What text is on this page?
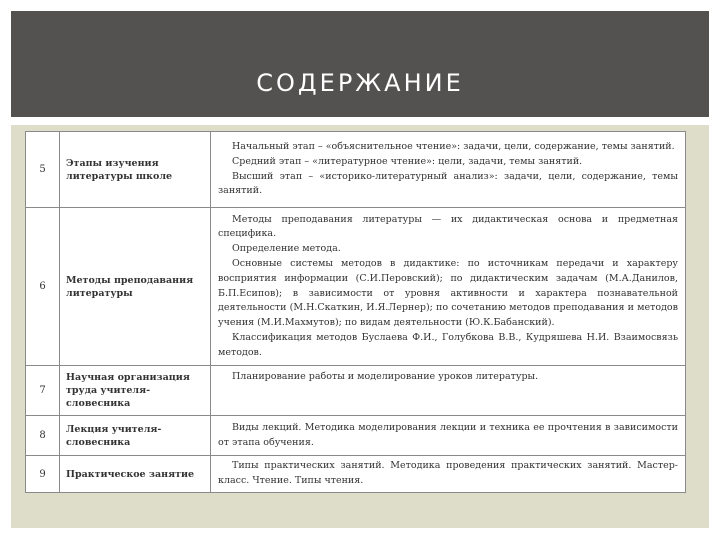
СОДЕРЖАНИЕ
5	Этапы изучения литературы школе	Начальный этап – «объяснительное чтение»: задачи, цели, содержание, темы занятий.

Средний этап – «литературное чтение»: цели, задачи, темы занятий.

Высший этап – «историко-литературный анализ»: задачи, цели, содержание, темы занятий.

6	Методы преподавания литературы	Методы преподавания литературы — их дидактическая основа и предметная специфика.

Определение метода.

Основные системы методов в дидактике: по источникам передачи и характеру восприятия информации (С.И.Перовский); по дидактическим задачам (М.А.Данилов, Б.П.Есипов); в зависимости от уровня активности и характера познавательной деятельности (М.Н.Скаткин, И.Я.Лернер); по сочетанию методов преподавания и методов учения (М.И.Махмутов); по видам деятельности (Ю.К.Бабанский).

Классификация методов Буслаева Ф.И., Голубкова В.В., Кудряшева Н.И. Взаимосвязь методов.

7	Научная организация труда учителя-словесника	Планирование работы и моделирование уроков литературы.

8	Лекция учителя-словесника	Виды лекций. Методика моделирования лекции и техника ее прочтения в зависимости от этапа обучения.

9	Практическое занятие	Типы практических занятий. Методика проведения практических занятий. Мастер-класс. Чтение. Типы чтения.
